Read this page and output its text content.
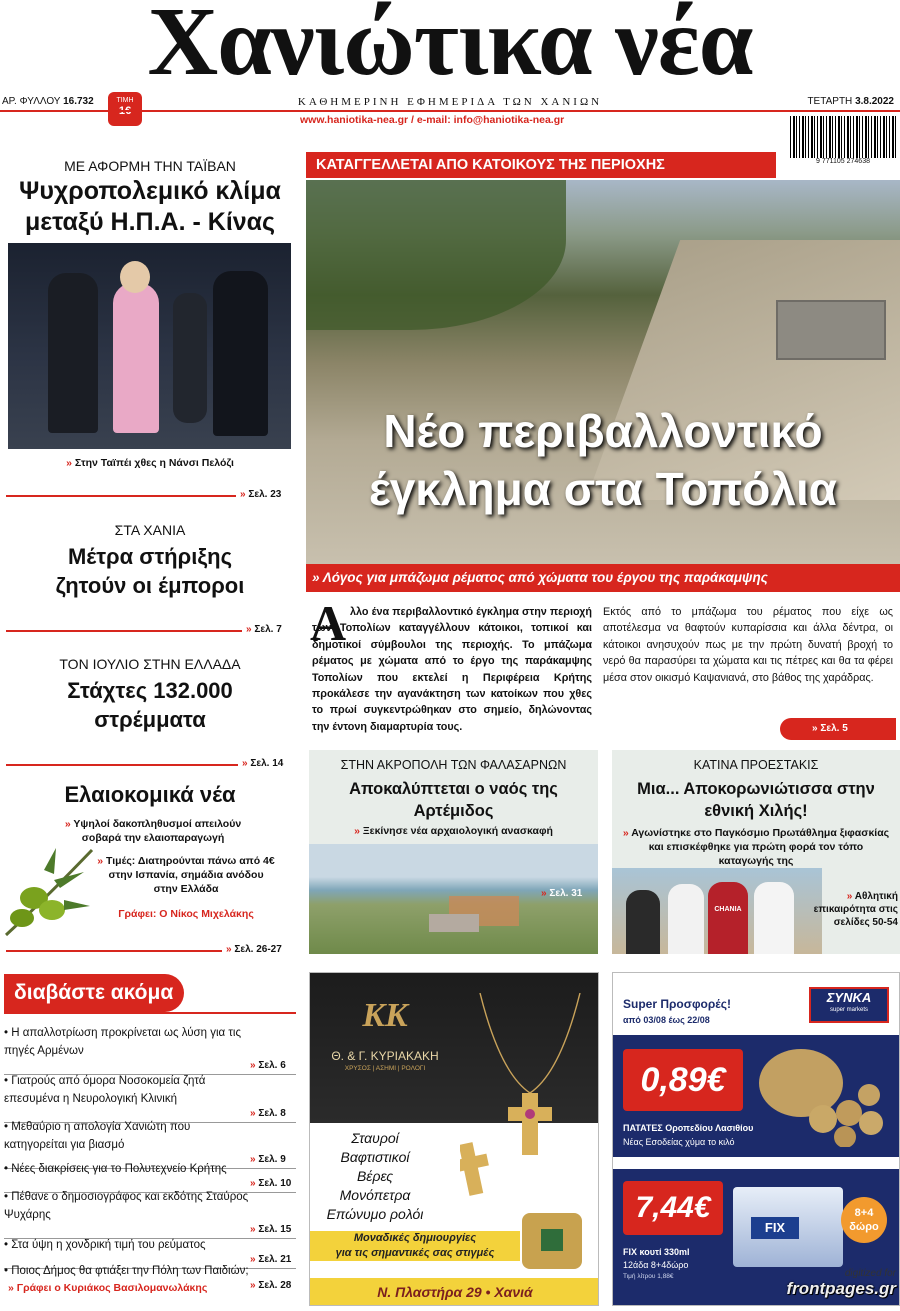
Χανιώτικα νέα
ΑΡ. ΦΥΛΛΟΥ 16.732	ΤΙΜΗ	ΚΑΘΗΜΕΡΙΝΗ ΕΦΗΜΕΡΙΔΑ ΤΩΝ ΧΑΝΙΩΝ	ΤΕΤΑΡΤΗ 3.8.2022
www.haniotika-nea.gr / e-mail: info@haniotika-nea.gr
9 771105 274638
ΜΕ ΑΦΟΡΜΗ ΤΗΝ ΤΑΪΒΑΝ
Ψυχροπολεμικό κλίμα μεταξύ Η.Π.Α. - Κίνας
» Στην Ταϊπέι χθες η Νάνσι Πελόζι
» Σελ. 23
ΣΤΑ ΧΑΝΙΑ
Μέτρα στήριξης ζητούν οι έμποροι
» Σελ. 7
ΤΟΝ ΙΟΥΛΙΟ ΣΤΗΝ ΕΛΛΑΔΑ
Στάχτες 132.000 στρέμματα
» Σελ. 14
Ελαιοκομικά νέα
» Υψηλοί δακοπληθυσμοί απειλούν σοβαρά την ελαιοπαραγωγή
» Τιμές: Διατηρούνται πάνω από 4€ στην Ισπανία, σημάδια ανόδου στην Ελλάδα
Γράφει: Ο Νίκος Μιχελάκης
» Σελ. 26-27
ΚΑΤΑΓΓΕΛΛΕΤΑΙ ΑΠΟ ΚΑΤΟΙΚΟΥΣ ΤΗΣ ΠΕΡΙΟΧΗΣ
Νέο περιβαλλοντικό
έγκλημα στα Τοπόλια
» Λόγος για μπάζωμα ρέματος από χώματα του έργου της παράκαμψης
Α λλο ένα περιβαλλοντικό έγκλημα στην περιοχή των Τοπολίων καταγγέλλουν κάτοικοι, τοπικοί και δημοτικοί σύμβουλοι της περιοχής. Το μπάζωμα ρέματος με χώματα από το έργο της παράκαμψης Τοπολίων που εκτελεί η Περιφέρεια Κρήτης προκάλεσε την αγανάκτηση των κατοίκων που χθες το πρωί συγκεντρώθηκαν στο σημείο, δηλώνοντας την έντονη διαμαρτυρία τους.
Εκτός από το μπάζωμα του ρέματος που είχε ως αποτέλεσμα να θαφτούν κυπαρίσσια και άλλα δέντρα, οι κάτοικοι ανησυχούν πως με την πρώτη δυνατή βροχή το νερό θα παρασύρει τα χώματα και τις πέτρες και θα τα φέρει μέσα στον οικισμό Καψανιανά, στο βάθος της χαράδρας.
» Σελ. 5
ΣΤΗΝ ΑΚΡΟΠΟΛΗ ΤΩΝ ΦΑΛΑΣΑΡΝΩΝ
Αποκαλύπτεται ο ναός της Αρτέμιδος
» Ξεκίνησε νέα αρχαιολογική ανασκαφή
» Σελ. 31
ΚΑΤΙΝΑ ΠΡΟΕΣΤΑΚΙΣ
Μια... Αποκορωνιώτισσα στην εθνική Χιλής!
» Αγωνίστηκε στο Παγκόσμιο Πρωτάθλημα ξιφασκίας και επισκέφθηκε για πρώτη φορά τον τόπο καταγωγής της
CHANIA
» Αθλητική επικαιρότητα στις σελίδες 50-54
διαβάστε ακόμα
• Η απαλλοτρίωση προκρίνεται ως λύση για τις πηγές Αρμένων
» Σελ. 6
• Γιατρούς από όμορα Νοσοκομεία ζητά επεσυμένα η Νευρολογική Κλινική
» Σελ. 8
• Μεθαύριο η απολογία Χανιώτη που κατηγορείται για βιασμό
» Σελ. 9
• Νέες διακρίσεις για το Πολυτεχνείο Κρήτης
» Σελ. 10
• Πέθανε ο δημοσιογράφος και εκδότης Σταύρος Ψυχάρης
» Σελ. 15
• Στα ύψη η χονδρική τιμή του ρεύματος
» Σελ. 21
• Ποιος Δήμος θα φτιάξει την Πόλη των Παιδιών;
» Σελ. 28
» Γράφει ο Κυριάκος Βασιλομανωλάκης
KK
Θ. & Γ. ΚΥΡΙΑΚΑΚΗ
ΧΡΥΣΟΣ | ΑΣΗΜΙ | ΡΟΛΟΓΙ
Σταυροί
Βαφτιστικοί
Βέρες
Μονόπετρα
Επώνυμο ρολόι
Μοναδικές δημιουργίες
για τις σημαντικές σας στιγμές
Ν. Πλαστήρα 29 • Χανιά
Super Προσφορές!
από 03/08 έως 22/08
ΣΥΝΚΑ
super markets
0,89€
ΠΑΤΑΤΕΣ Οροπεδίου Λασιθίου
Νέας Εσοδείας χύμα το κιλό
7,44€
FIX
8+4 δώρο
FIX κουτί 330ml
12άδα 8+4δώρο
Τιμή λίτρου 1,88€	digitized for
frontpages.gr
